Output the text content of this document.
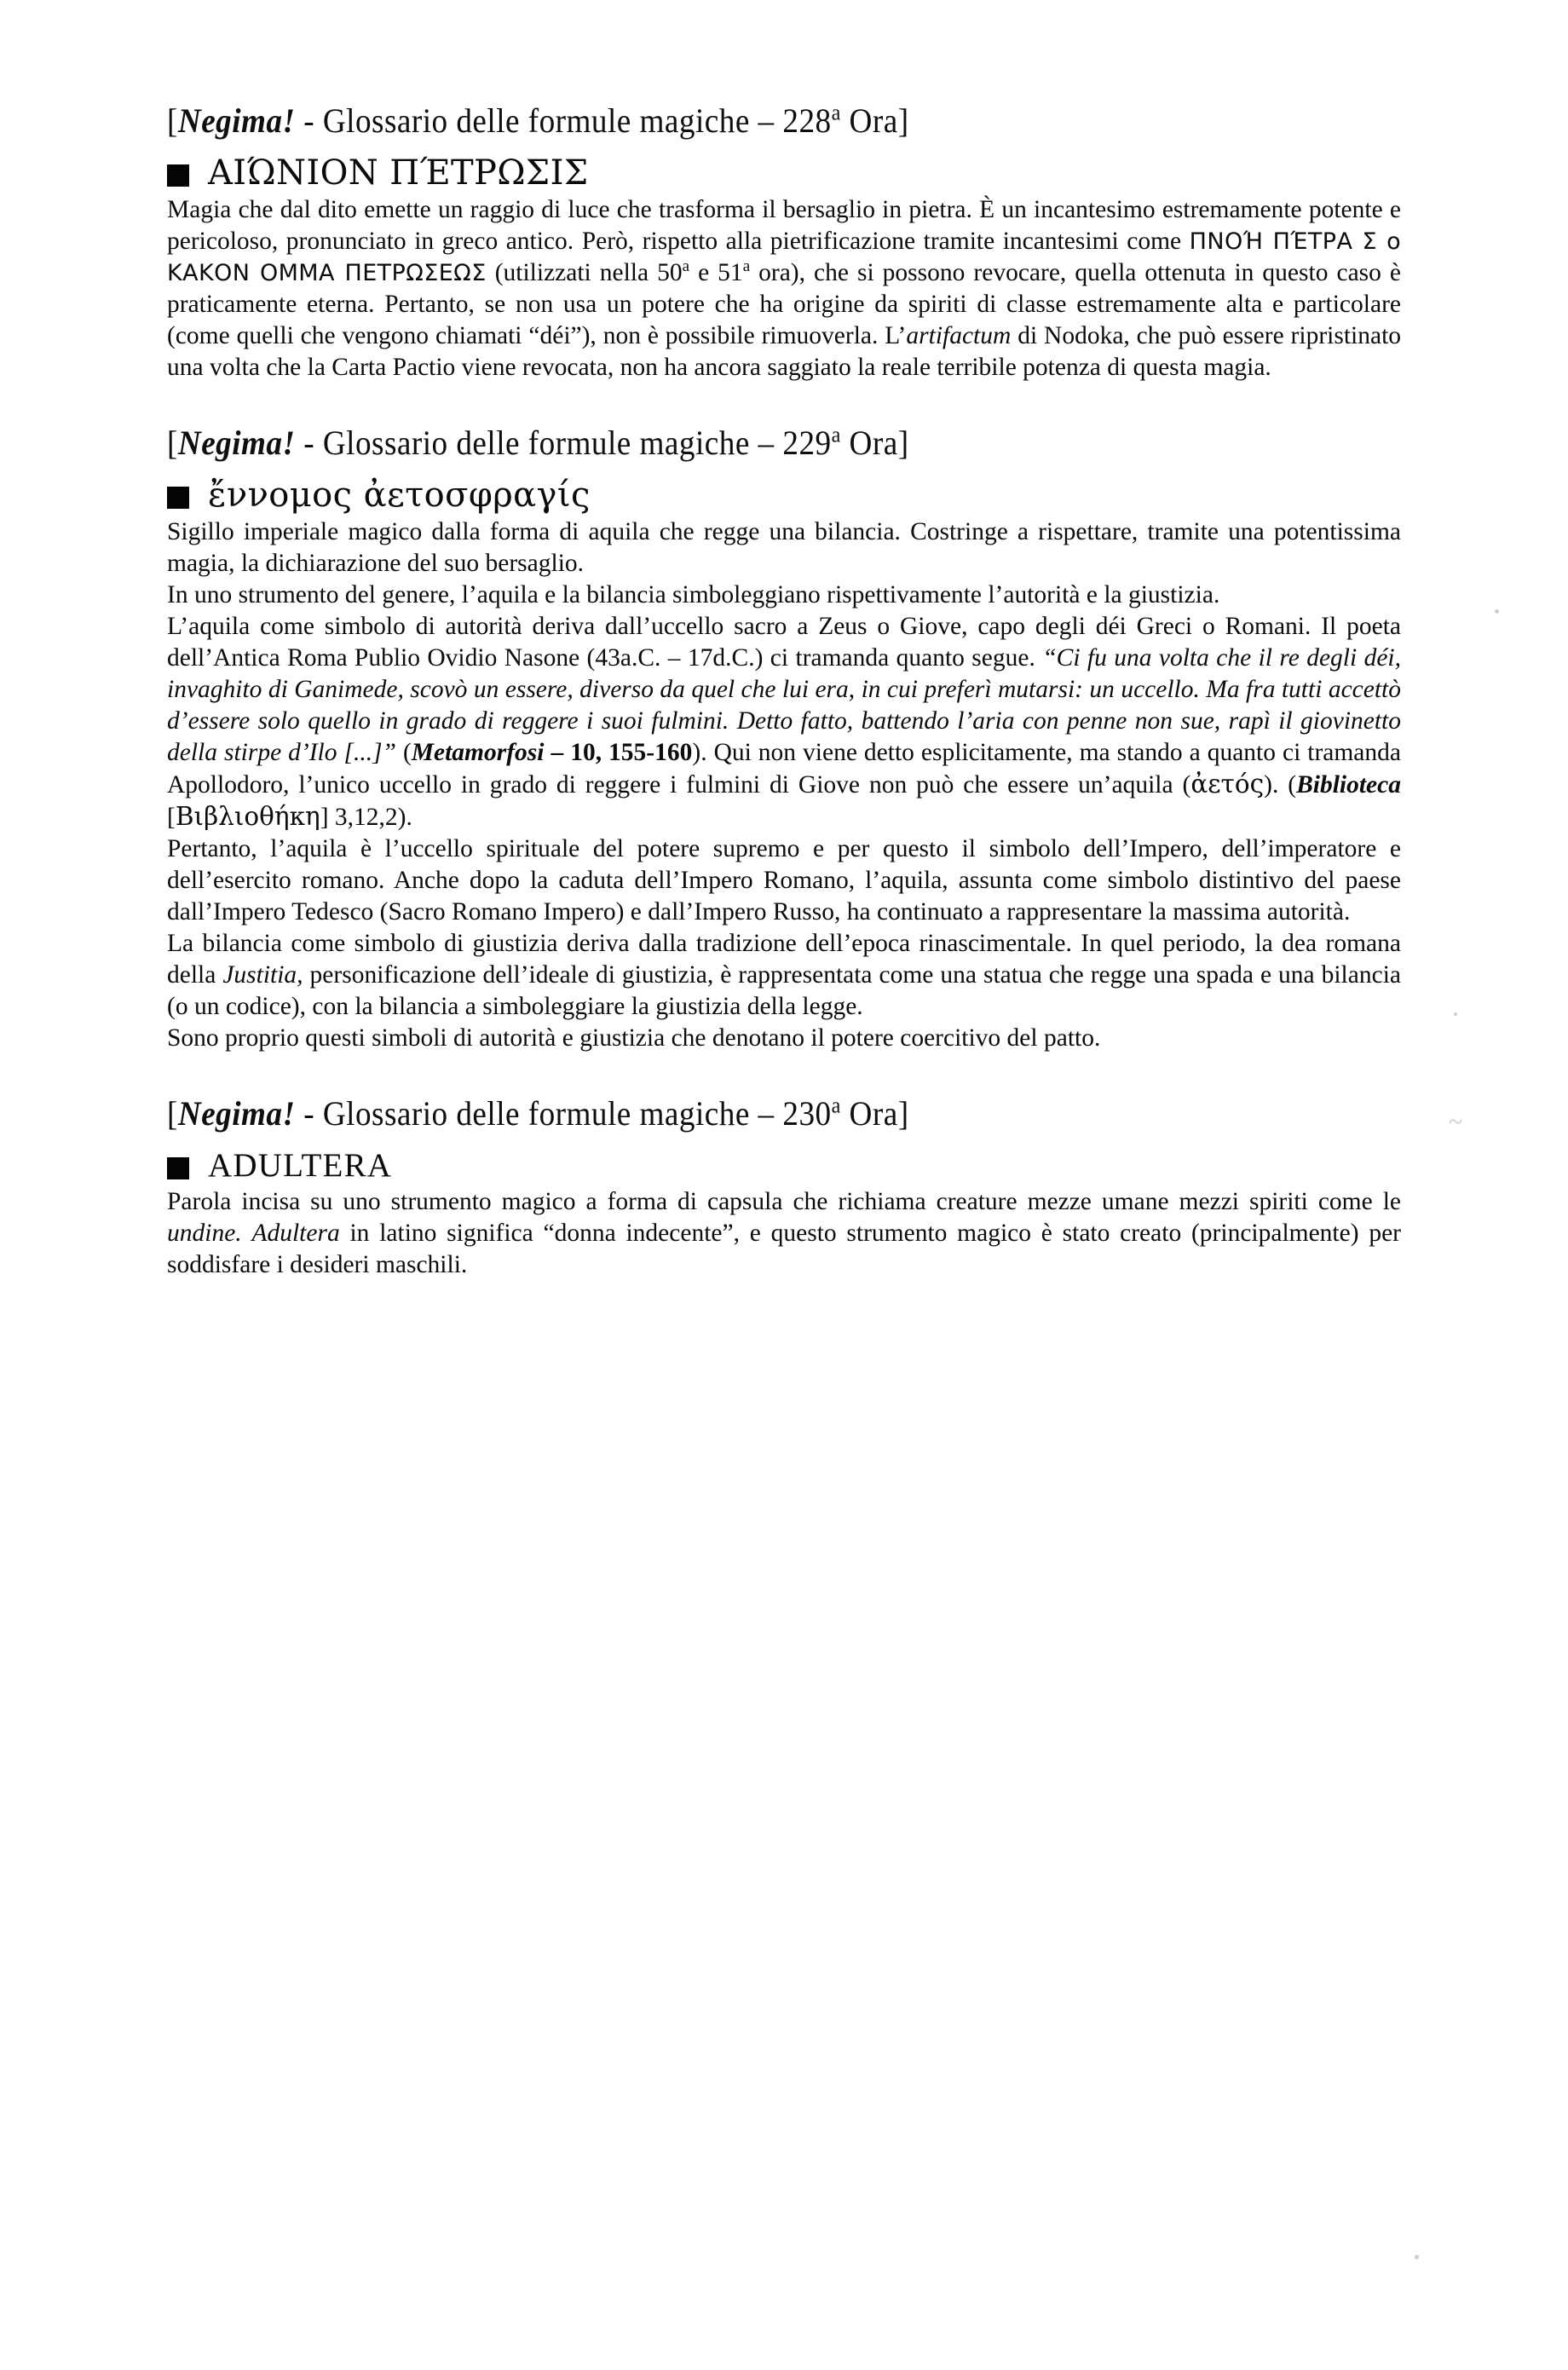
~
[Negima! - Glossario delle formule magiche – 228$^a$ Ora]
ΑΙΏΝΙΟΝ ΠΈΤΡΩΣΙΣ

Magia che dal dito emette un raggio di luce che trasforma il bersaglio in pietra. È un incantesimo estremamente potente e pericoloso, pronunciato in greco antico. Però, rispetto alla pietrificazione tramite incantesimi come ΠΝΟΉ ΠΈΤΡΑ Σ ο ΚΑΚΟΝ ΟΜΜΑ ΠΕΤΡΩΣΕΩΣ (utilizzati nella 50$^a$ e 51$^a$ ora), che si possono revocare, quella ottenuta in questo caso è praticamente eterna. Pertanto, se non usa un potere che ha origine da spiriti di classe estremamente alta e particolare (come quelli che vengono chiamati “déi”), non è possibile rimuoverla. L’artifactum di Nodoka, che può essere ripristinato una volta che la Carta Pactio viene revocata, non ha ancora saggiato la reale terribile potenza di questa magia.

[Negima! - Glossario delle formule magiche – 229$^a$ Ora]
ἔννομος ἀετοσφραγίς

Sigillo imperiale magico dalla forma di aquila che regge una bilancia. Costringe a rispettare, tramite una potentissima magia, la dichiarazione del suo bersaglio.

In uno strumento del genere, l’aquila e la bilancia simboleggiano rispettivamente l’autorità e la giustizia.

L’aquila come simbolo di autorità deriva dall’uccello sacro a Zeus o Giove, capo degli déi Greci o Romani. Il poeta dell’Antica Roma Publio Ovidio Nasone (43a.C. – 17d.C.) ci tramanda quanto segue. “Ci fu una volta che il re degli déi, invaghito di Ganimede, scovò un essere, diverso da quel che lui era, in cui preferì mutarsi: un uccello. Ma fra tutti accettò d’essere solo quello in grado di reggere i suoi fulmini. Detto fatto, battendo l’aria con penne non sue, rapì il giovinetto della stirpe d’Ilo [...]” (Metamorfosi – 10, 155-160). Qui non viene detto esplicitamente, ma stando a quanto ci tramanda Apollodoro, l’unico uccello in grado di reggere i fulmini di Giove non può che essere un’aquila (ἀετός). (Biblioteca [Βιβλιοθήκη] 3,12,2).

Pertanto, l’aquila è l’uccello spirituale del potere supremo e per questo il simbolo dell’Impero, dell’imperatore e dell’esercito romano. Anche dopo la caduta dell’Impero Romano, l’aquila, assunta come simbolo distintivo del paese dall’Impero Tedesco (Sacro Romano Impero) e dall’Impero Russo, ha continuato a rappresentare la massima autorità.

La bilancia come simbolo di giustizia deriva dalla tradizione dell’epoca rinascimentale. In quel periodo, la dea romana della Justitia, personificazione dell’ideale di giustizia, è rappresentata come una statua che regge una spada e una bilancia (o un codice), con la bilancia a simboleggiare la giustizia della legge.

Sono proprio questi simboli di autorità e giustizia che denotano il potere coercitivo del patto.

[Negima! - Glossario delle formule magiche – 230$^a$ Ora]
ADULTERA

Parola incisa su uno strumento magico a forma di capsula che richiama creature mezze umane mezzi spiriti come le undine. Adultera in latino significa “donna indecente”, e questo strumento magico è stato creato (principalmente) per soddisfare i desideri maschili.
